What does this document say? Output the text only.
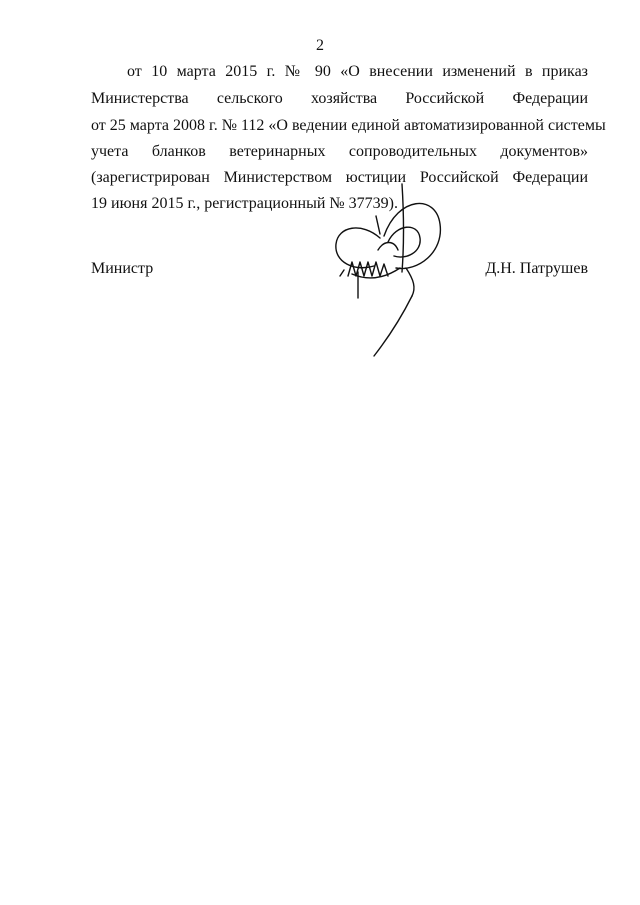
2
от 10 марта 2015 г. № 90 «О внесении изменений в приказ
Министерства сельского хозяйства Российской Федерации
от 25 марта 2008 г. № 112 «О ведении единой автоматизированной системы
учета бланков ветеринарных сопроводительных документов»
(зарегистрирован Министерством юстиции Российской Федерации
19 июня 2015 г., регистрационный № 37739).
Министр	Д.Н. Патрушев
